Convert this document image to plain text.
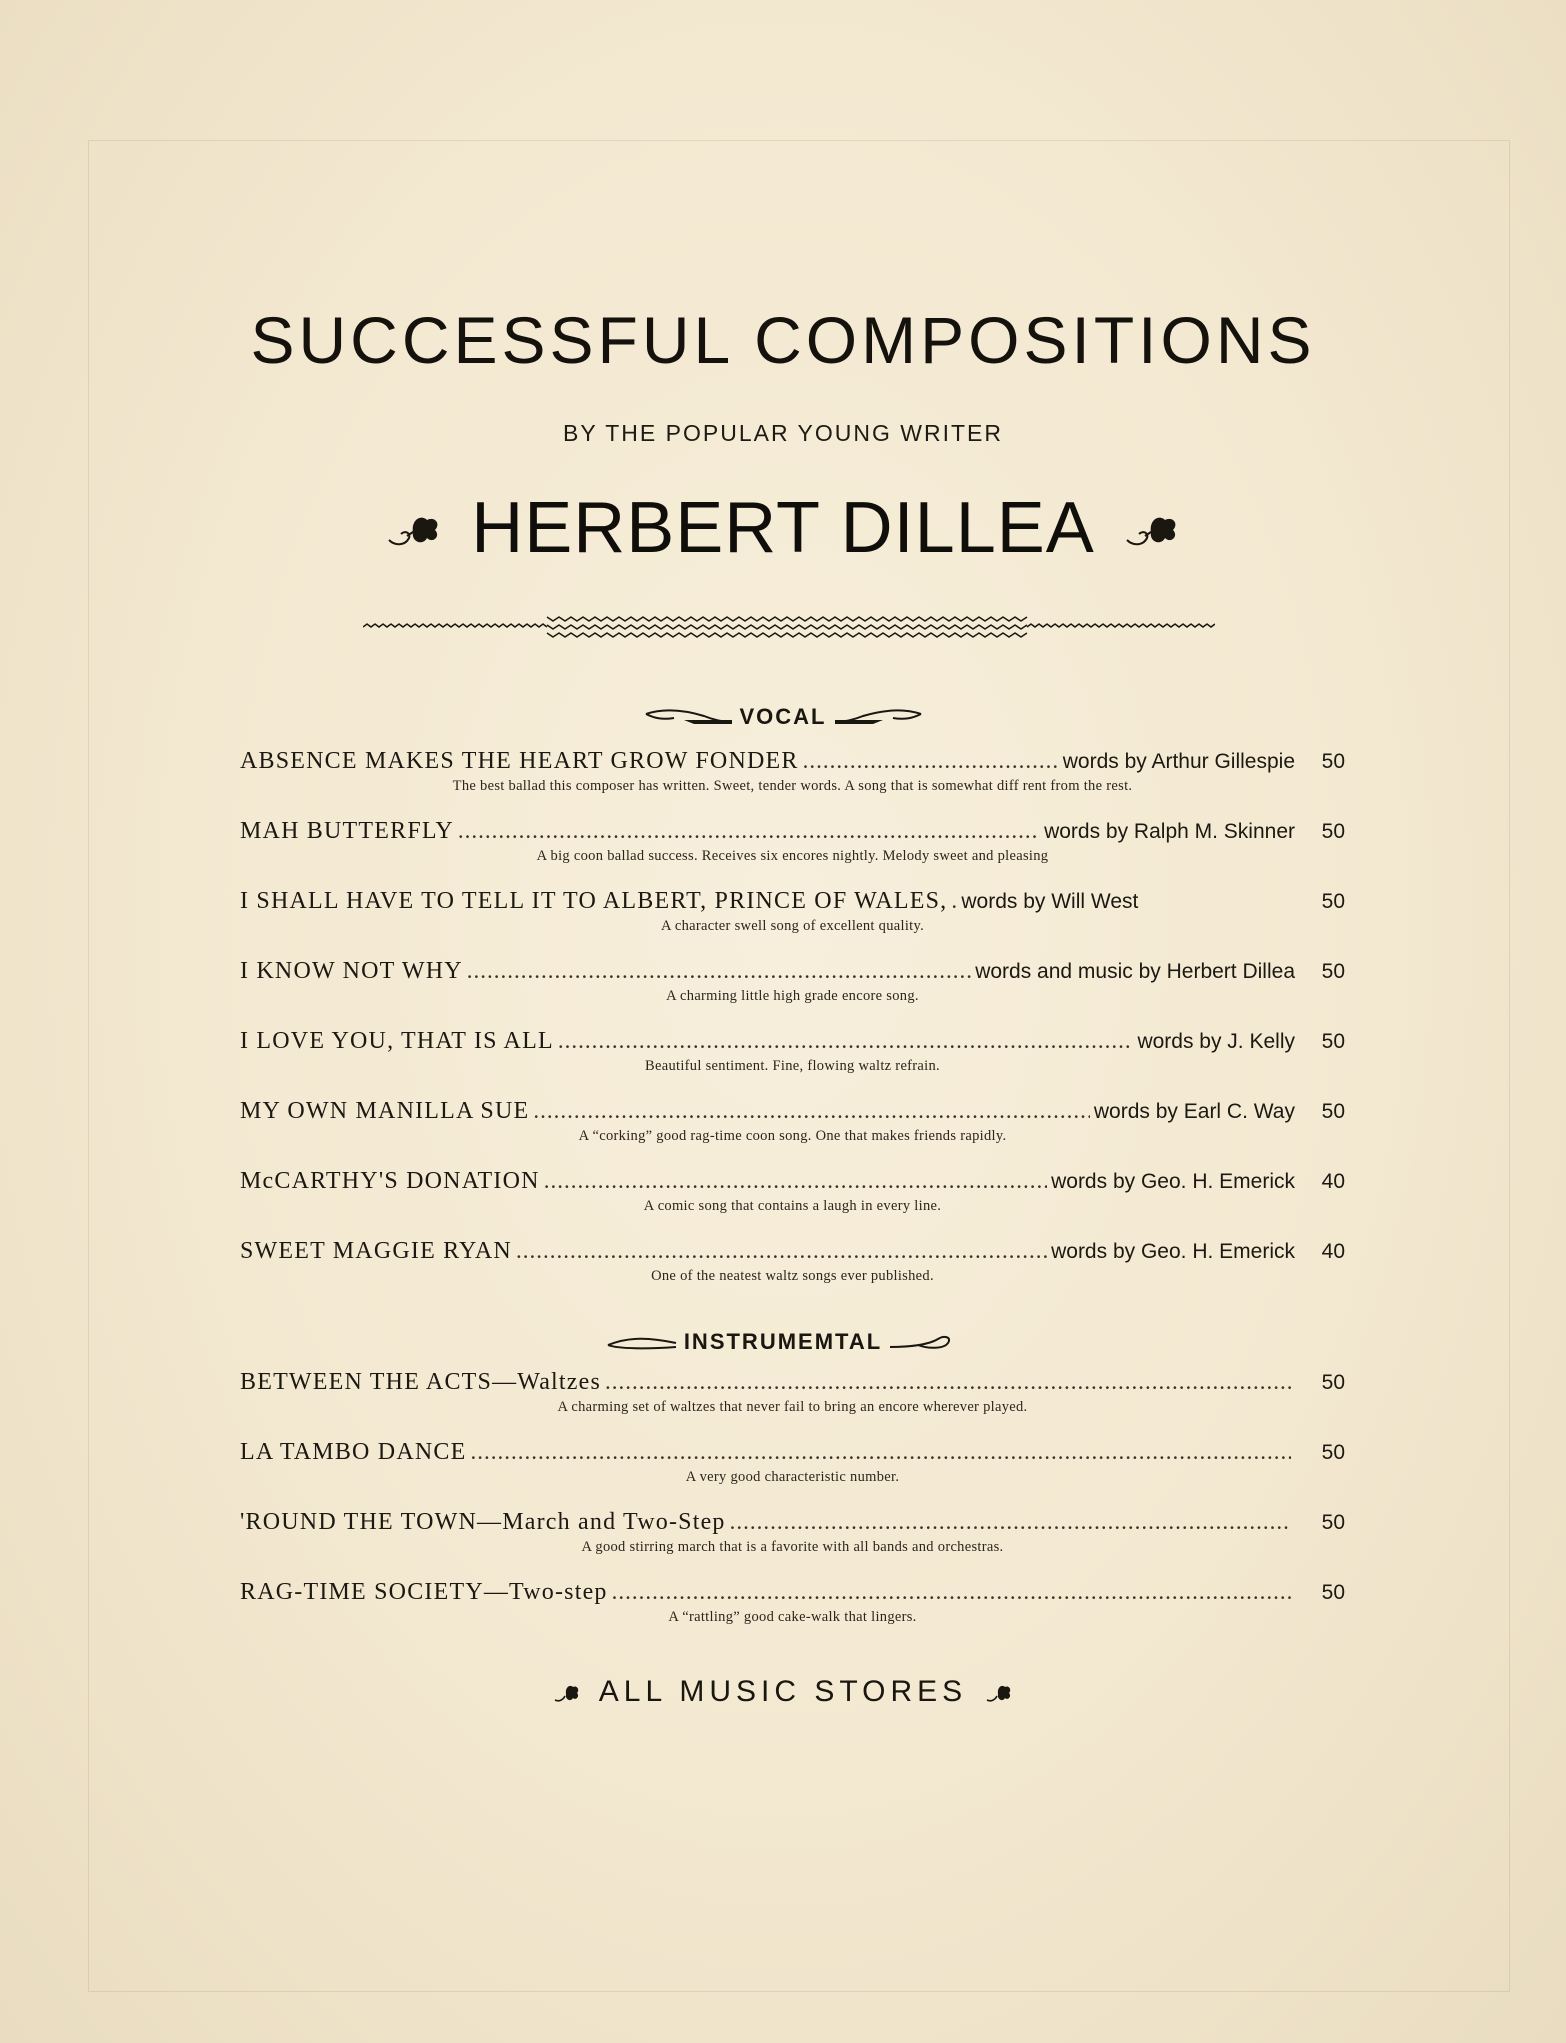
SUCCESSFUL COMPOSITIONS
BY THE POPULAR YOUNG WRITER
HERBERT DILLEA
VOCAL
ABSENCE MAKES THE HEART GROW FONDER .....	words by Arthur Gillespie	50
The best ballad this composer has written. Sweet, tender words. A song that is somewhat diff rent from the rest.
MAH BUTTERFLY .....	words by Ralph M. Skinner	50
A big coon ballad success. Receives six encores nightly. Melody sweet and pleasing
I SHALL HAVE TO TELL IT TO ALBERT, PRINCE OF WALES, ..... words by Will West	50
A character swell song of excellent quality.
I KNOW NOT WHY .....	words and music by Herbert Dillea	50
A charming little high grade encore song.
I LOVE YOU, THAT IS ALL .....	words by J. Kelly	50
Beautiful sentiment. Fine, flowing waltz refrain.
MY OWN MANILLA SUE .....	words by Earl C. Way	50
A “corking” good rag-time coon song. One that makes friends rapidly.
McCARTHY'S DONATION .....	words by Geo. H. Emerick	40
A comic song that contains a laugh in every line.
SWEET MAGGIE RYAN .....	words by Geo. H. Emerick	40
One of the neatest waltz songs ever published.
INSTRUMEMTAL
BETWEEN THE ACTS—Waltzes .....	50
A charming set of waltzes that never fail to bring an encore wherever played.
LA TAMBO DANCE .....	50
A very good characteristic number.
'ROUND THE TOWN—March and Two-Step .....	50
A good stirring march that is a favorite with all bands and orchestras.
RAG-TIME SOCIETY—Two-step .....	50
A “rattling” good cake-walk that lingers.
ALL MUSIC STORES
